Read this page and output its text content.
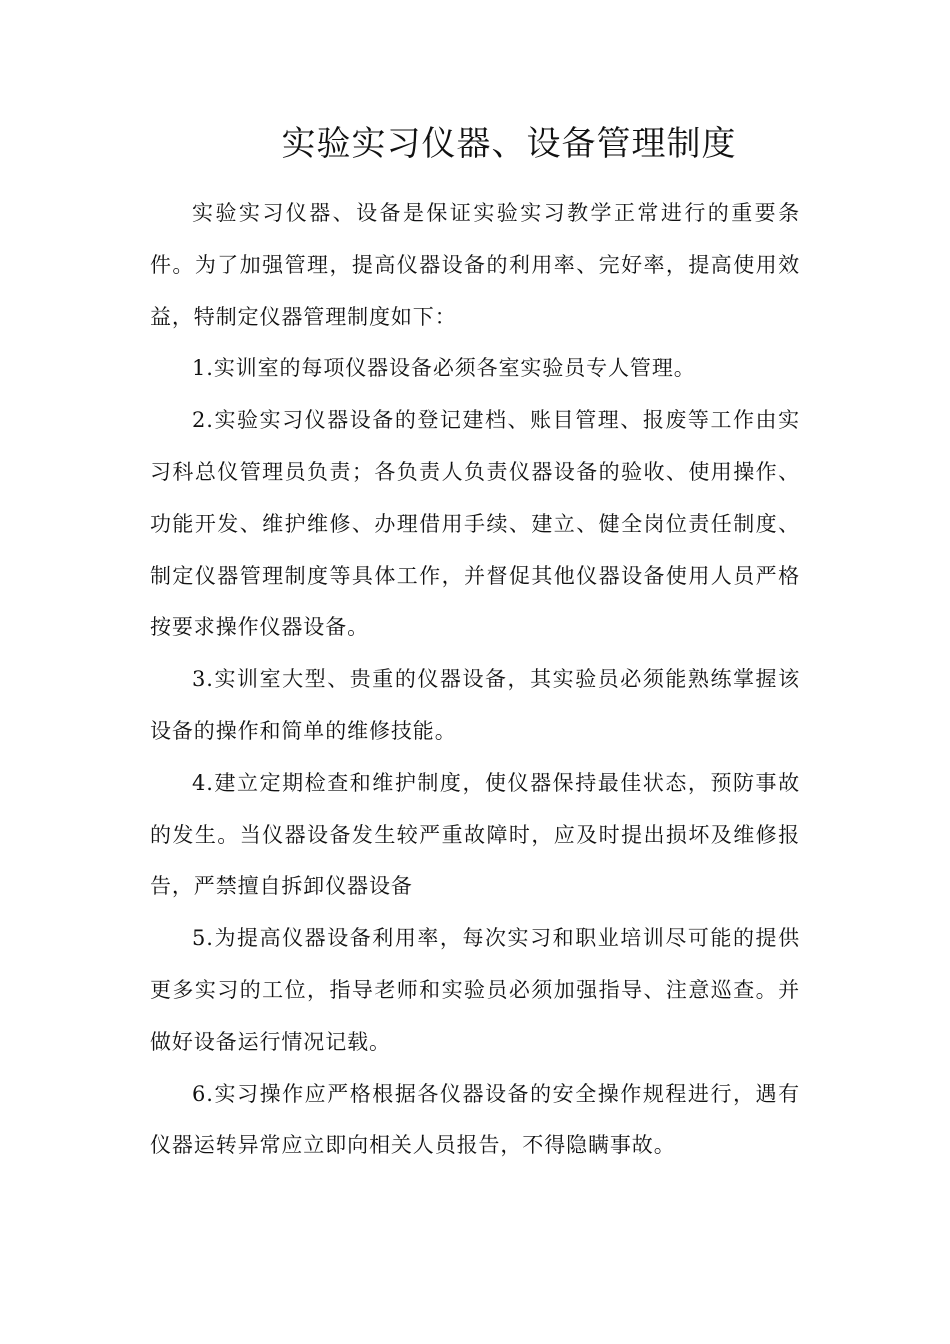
实验实习仪器、设备管理制度

实验实习仪器、设备是保证实验实习教学正常进行的重要条件。为了加强管理，提高仪器设备的利用率、完好率，提高使用效益，特制定仪器管理制度如下：

1.实训室的每项仪器设备必须各室实验员专人管理。

2.实验实习仪器设备的登记建档、账目管理、报废等工作由实习科总仪管理员负责；各负责人负责仪器设备的验收、使用操作、功能开发、维护维修、办理借用手续、建立、健全岗位责任制度、制定仪器管理制度等具体工作，并督促其他仪器设备使用人员严格按要求操作仪器设备。

3.实训室大型、贵重的仪器设备，其实验员必须能熟练掌握该设备的操作和简单的维修技能。

4.建立定期检查和维护制度，使仪器保持最佳状态，预防事故的发生。当仪器设备发生较严重故障时，应及时提出损坏及维修报告，严禁擅自拆卸仪器设备

5.为提高仪器设备利用率，每次实习和职业培训尽可能的提供更多实习的工位，指导老师和实验员必须加强指导、注意巡查。并做好设备运行情况记载。

6.实习操作应严格根据各仪器设备的安全操作规程进行，遇有仪器运转异常应立即向相关人员报告，不得隐瞒事故。
